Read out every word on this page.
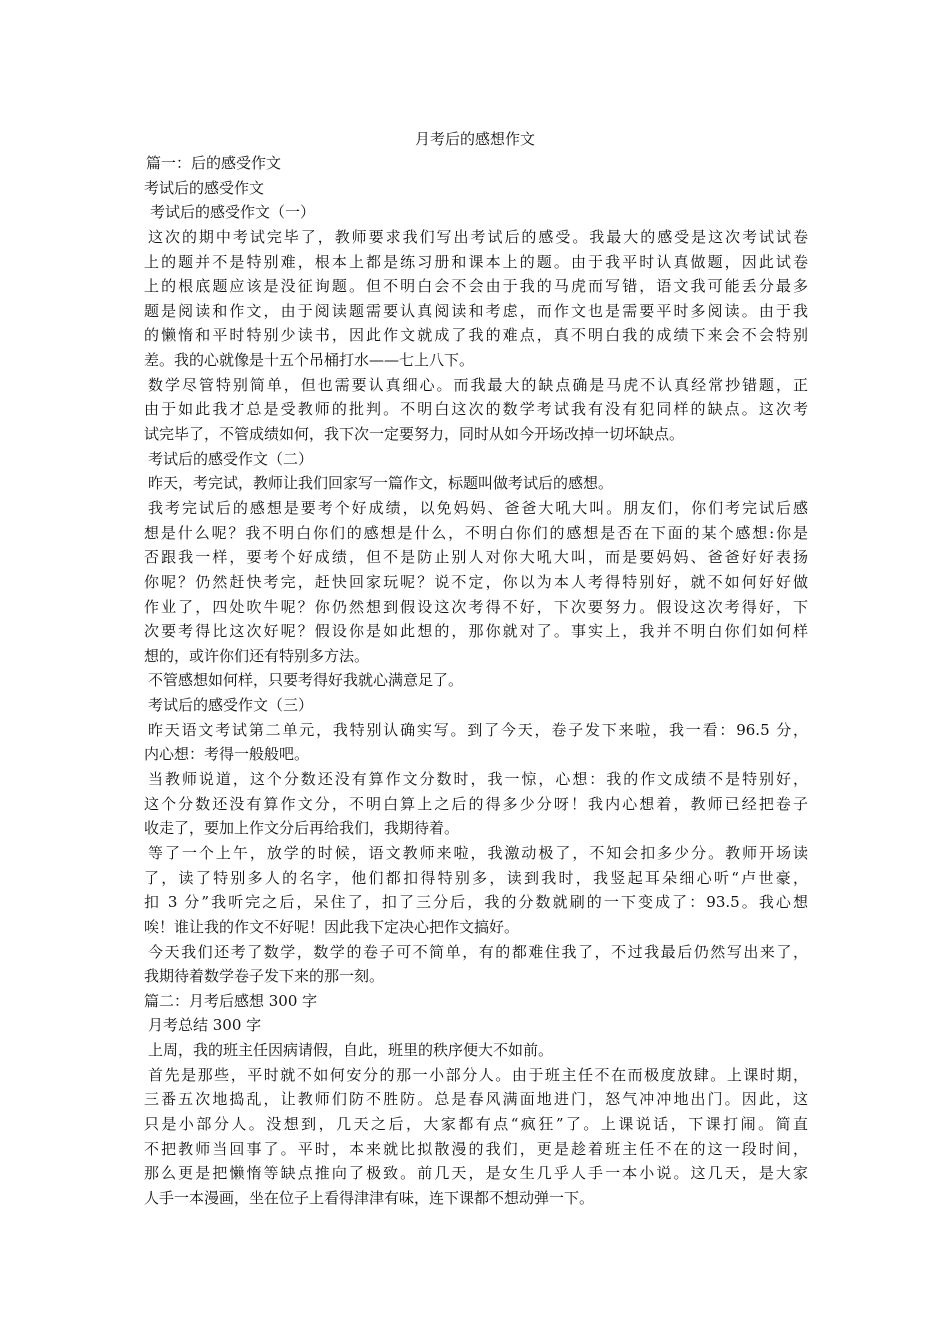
月考后的感想作文
篇一：后的感受作文
考试后的感受作文
考试后的感受作文（一）
这次的期中考试完毕了，教师要求我们写出考试后的感受。我最大的感受是这次考试试卷
上的题并不是特别难，根本上都是练习册和课本上的题。由于我平时认真做题，因此试卷
上的根底题应该是没征询题。但不明白会不会由于我的马虎而写错，语文我可能丢分最多
题是阅读和作文，由于阅读题需要认真阅读和考虑，而作文也是需要平时多阅读。由于我
的懒惰和平时特别少读书，因此作文就成了我的难点，真不明白我的成绩下来会不会特别
差。我的心就像是十五个吊桶打水——七上八下。
数学尽管特别简单，但也需要认真细心。而我最大的缺点确是马虎不认真经常抄错题，正
由于如此我才总是受教师的批判。不明白这次的数学考试我有没有犯同样的缺点。这次考
试完毕了，不管成绩如何，我下次一定要努力，同时从如今开场改掉一切坏缺点。
考试后的感受作文（二）
昨天，考完试，教师让我们回家写一篇作文，标题叫做考试后的感想。
我考完试后的感想是要考个好成绩，以免妈妈、爸爸大吼大叫。朋友们，你们考完试后感
想是什么呢？我不明白你们的感想是什么，不明白你们的感想是否在下面的某个感想:你是
否跟我一样，要考个好成绩，但不是防止别人对你大吼大叫，而是要妈妈、爸爸好好表扬
你呢？仍然赶快考完，赶快回家玩呢？说不定，你以为本人考得特别好，就不如何好好做
作业了，四处吹牛呢？你仍然想到假设这次考得不好，下次要努力。假设这次考得好，下
次要考得比这次好呢？假设你是如此想的，那你就对了。事实上，我并不明白你们如何样
想的，或许你们还有特别多方法。
不管感想如何样，只要考得好我就心满意足了。
考试后的感受作文（三）
昨天语文考试第二单元，我特别认确实写。到了今天，卷子发下来啦，我一看：96.5 分，
内心想：考得一般般吧。
当教师说道，这个分数还没有算作文分数时，我一惊，心想：我的作文成绩不是特别好，
这个分数还没有算作文分，不明白算上之后的得多少分呀！我内心想着，教师已经把卷子
收走了，要加上作文分后再给我们，我期待着。
等了一个上午，放学的时候，语文教师来啦，我激动极了，不知会扣多少分。教师开场读
了，读了特别多人的名字，他们都扣得特别多，读到我时，我竖起耳朵细心听“卢世豪，
扣 3 分”我听完之后，呆住了，扣了三分后，我的分数就刷的一下变成了：93.5。我心想
唉！谁让我的作文不好呢！因此我下定决心把作文搞好。
今天我们还考了数学，数学的卷子可不简单，有的都难住我了，不过我最后仍然写出来了，
我期待着数学卷子发下来的那一刻。
篇二：月考后感想 300 字
月考总结 300 字
上周，我的班主任因病请假，自此，班里的秩序便大不如前。
首先是那些，平时就不如何安分的那一小部分人。由于班主任不在而极度放肆。上课时期，
三番五次地捣乱，让教师们防不胜防。总是春风满面地进门，怒气冲冲地出门。因此，这
只是小部分人。没想到，几天之后，大家都有点“疯狂”了。上课说话，下课打闹。简直
不把教师当回事了。平时，本来就比拟散漫的我们，更是趁着班主任不在的这一段时间，
那么更是把懒惰等缺点推向了极致。前几天，是女生几乎人手一本小说。这几天，是大家
人手一本漫画，坐在位子上看得津津有味，连下课都不想动弹一下。
